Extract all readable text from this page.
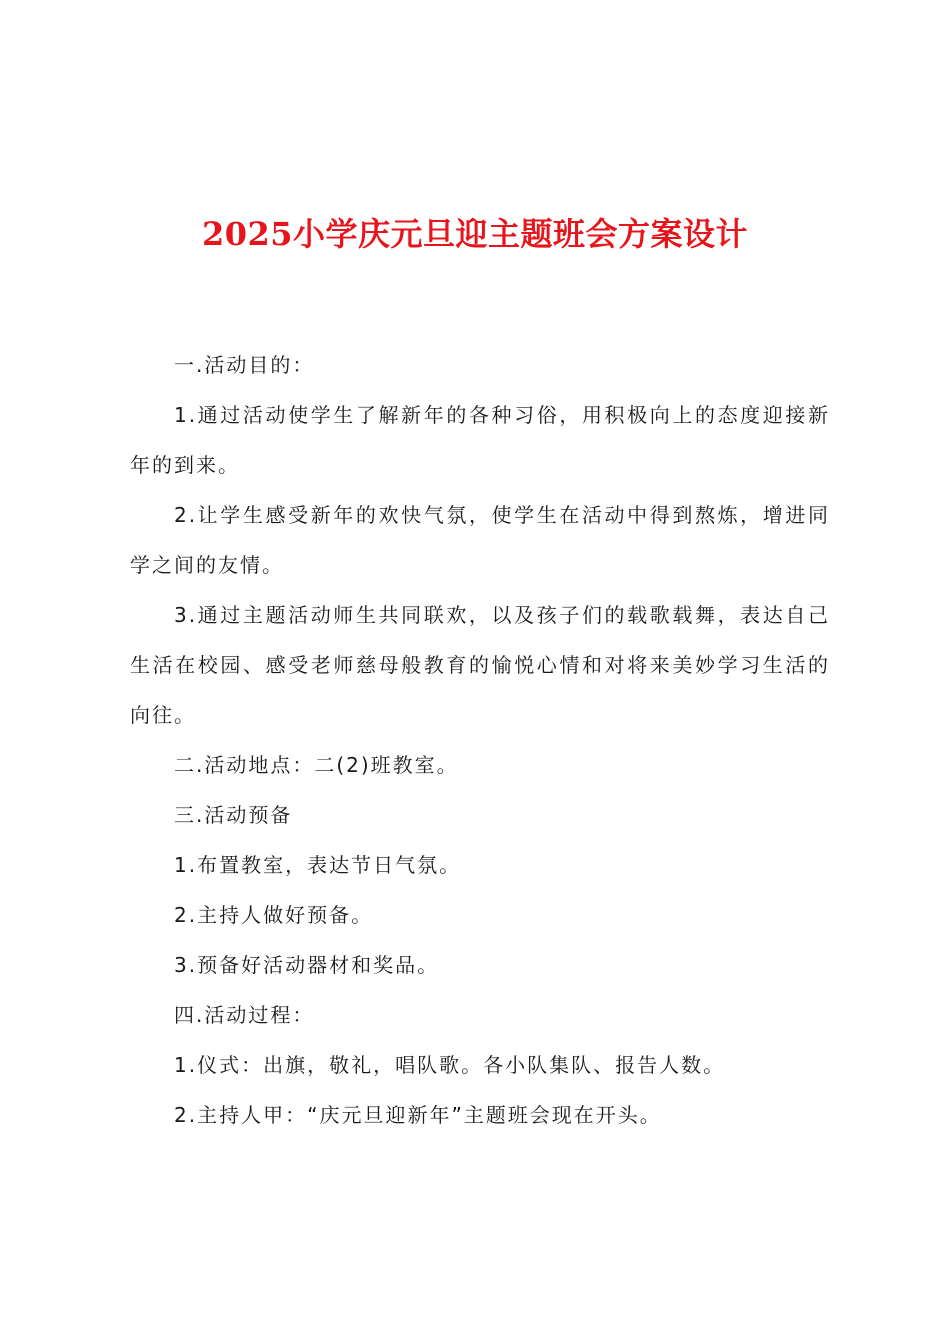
2025小学庆元旦迎主题班会方案设计

一.活动目的：

1.通过活动使学生了解新年的各种习俗，用积极向上的态度迎接新年的到来。

2.让学生感受新年的欢快气氛，使学生在活动中得到熬炼，增进同学之间的友情。

3.通过主题活动师生共同联欢，以及孩子们的载歌载舞，表达自己生活在校园、感受老师慈母般教育的愉悦心情和对将来美妙学习生活的向往。

二.活动地点：二(2)班教室。

三.活动预备

1.布置教室，表达节日气氛。

2.主持人做好预备。

3.预备好活动器材和奖品。

四.活动过程：

1.仪式：出旗，敬礼，唱队歌。各小队集队、报告人数。

2.主持人甲：“庆元旦迎新年”主题班会现在开头。
